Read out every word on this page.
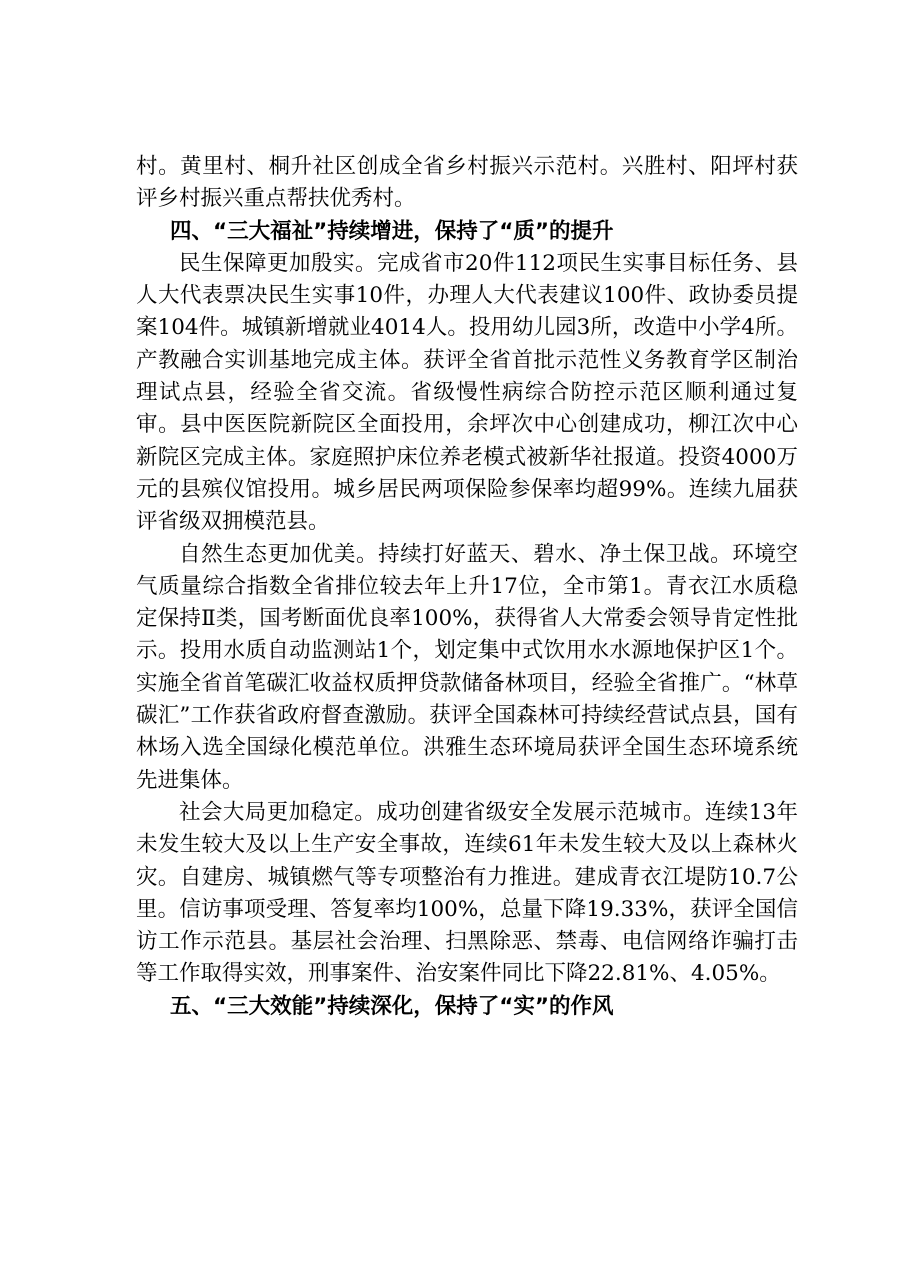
村。黄里村、桐升社区创成全省乡村振兴示范村。兴胜村、阳坪村获评乡村振兴重点帮扶优秀村。

四、“三大福祉”持续增进，保持了“质”的提升

民生保障更加殷实。完成省市20件112项民生实事目标任务、县人大代表票决民生实事10件，办理人大代表建议100件、政协委员提案104件。城镇新增就业4014人。投用幼儿园3所，改造中小学4所。产教融合实训基地完成主体。获评全省首批示范性义务教育学区制治理试点县，经验全省交流。省级慢性病综合防控示范区顺利通过复审。县中医医院新院区全面投用，余坪次中心创建成功，柳江次中心新院区完成主体。家庭照护床位养老模式被新华社报道。投资4000万元的县殡仪馆投用。城乡居民两项保险参保率均超99%。连续九届获评省级双拥模范县。

自然生态更加优美。持续打好蓝天、碧水、净土保卫战。环境空气质量综合指数全省排位较去年上升17位，全市第1。青衣江水质稳定保持Ⅱ类，国考断面优良率100%，获得省人大常委会领导肯定性批示。投用水质自动监测站1个，划定集中式饮用水水源地保护区1个。实施全省首笔碳汇收益权质押贷款储备林项目，经验全省推广。“林草碳汇”工作获省政府督查激励。获评全国森林可持续经营试点县，国有林场入选全国绿化模范单位。洪雅生态环境局获评全国生态环境系统先进集体。

社会大局更加稳定。成功创建省级安全发展示范城市。连续13年未发生较大及以上生产安全事故，连续61年未发生较大及以上森林火灾。自建房、城镇燃气等专项整治有力推进。建成青衣江堤防10.7公里。信访事项受理、答复率均100%，总量下降19.33%，获评全国信访工作示范县。基层社会治理、扫黑除恶、禁毒、电信网络诈骗打击等工作取得实效，刑事案件、治安案件同比下降22.81%、4.05%。

五、“三大效能”持续深化，保持了“实”的作风
